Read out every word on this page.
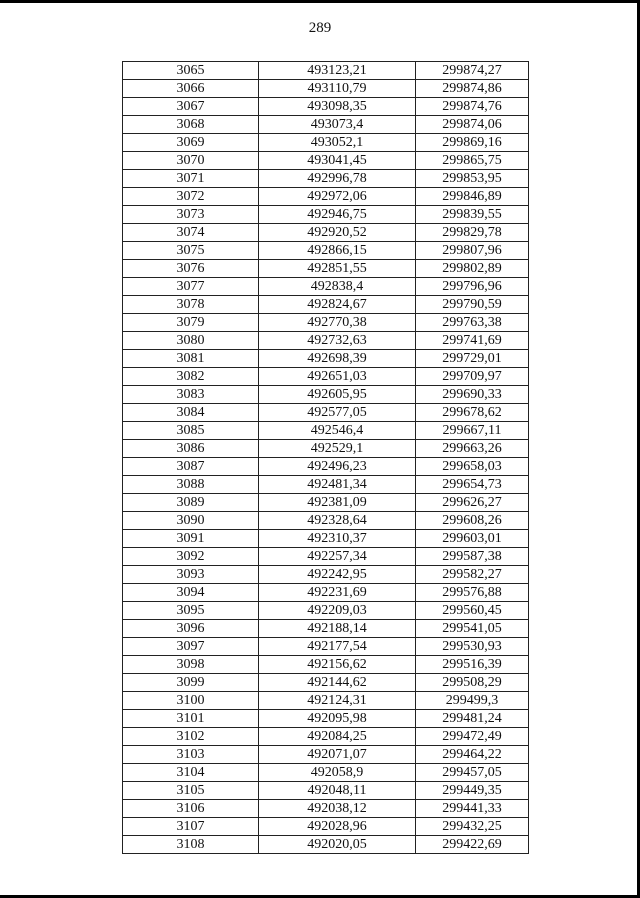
289
3065	493123,21	299874,27
3066	493110,79	299874,86
3067	493098,35	299874,76
3068	493073,4	299874,06
3069	493052,1	299869,16
3070	493041,45	299865,75
3071	492996,78	299853,95
3072	492972,06	299846,89
3073	492946,75	299839,55
3074	492920,52	299829,78
3075	492866,15	299807,96
3076	492851,55	299802,89
3077	492838,4	299796,96
3078	492824,67	299790,59
3079	492770,38	299763,38
3080	492732,63	299741,69
3081	492698,39	299729,01
3082	492651,03	299709,97
3083	492605,95	299690,33
3084	492577,05	299678,62
3085	492546,4	299667,11
3086	492529,1	299663,26
3087	492496,23	299658,03
3088	492481,34	299654,73
3089	492381,09	299626,27
3090	492328,64	299608,26
3091	492310,37	299603,01
3092	492257,34	299587,38
3093	492242,95	299582,27
3094	492231,69	299576,88
3095	492209,03	299560,45
3096	492188,14	299541,05
3097	492177,54	299530,93
3098	492156,62	299516,39
3099	492144,62	299508,29
3100	492124,31	299499,3
3101	492095,98	299481,24
3102	492084,25	299472,49
3103	492071,07	299464,22
3104	492058,9	299457,05
3105	492048,11	299449,35
3106	492038,12	299441,33
3107	492028,96	299432,25
3108	492020,05	299422,69
